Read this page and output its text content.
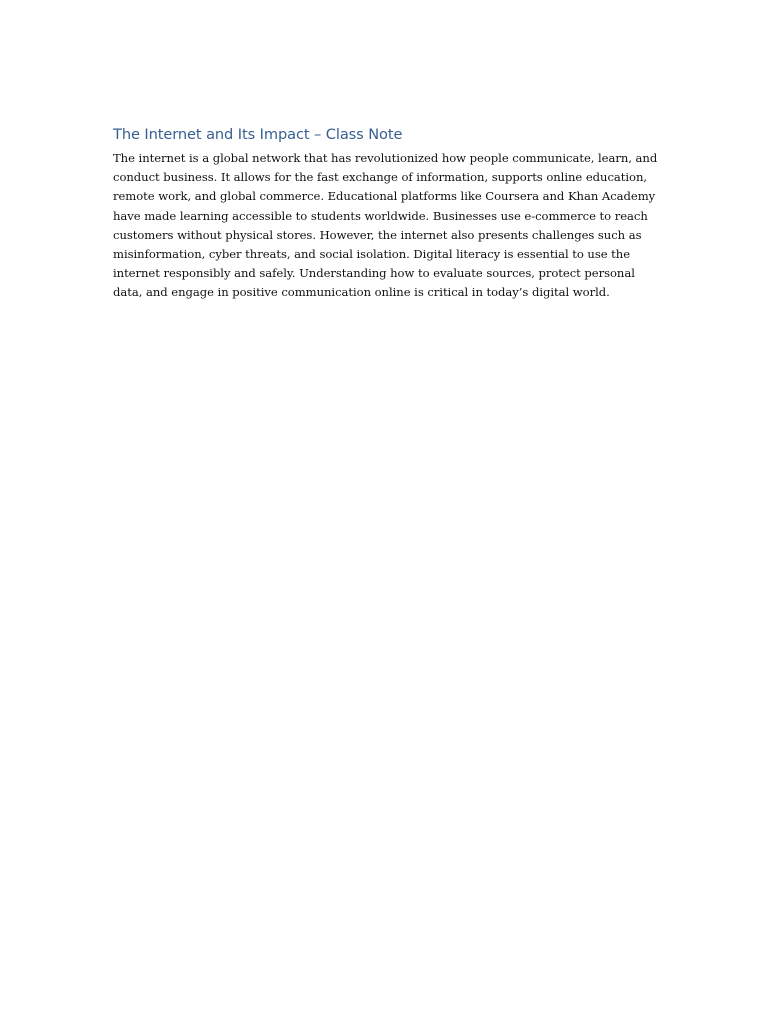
The Internet and Its Impact – Class Note

The internet is a global network that has revolutionized how people communicate, learn, and conduct business. It allows for the fast exchange of information, supports online education, remote work, and global commerce. Educational platforms like Coursera and Khan Academy have made learning accessible to students worldwide. Businesses use e-commerce to reach customers without physical stores. However, the internet also presents challenges such as misinformation, cyber threats, and social isolation. Digital literacy is essential to use the internet responsibly and safely. Understanding how to evaluate sources, protect personal data, and engage in positive communication online is critical in today’s digital world.
